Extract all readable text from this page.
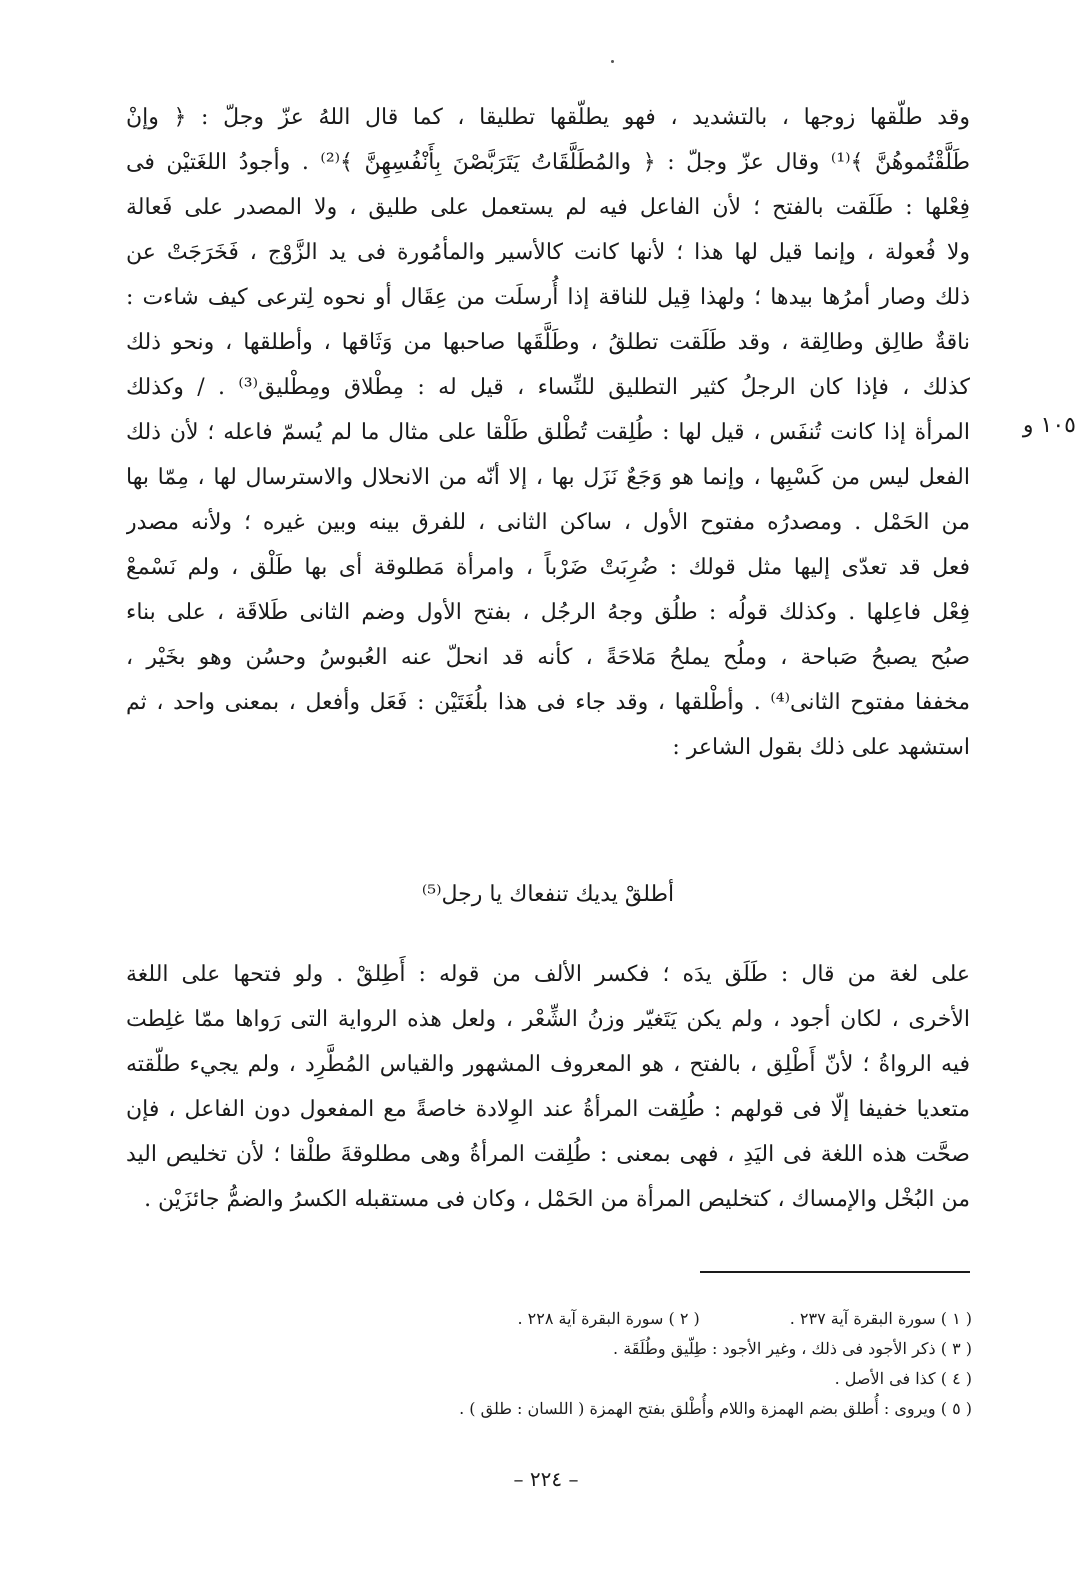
١٠٥ و
وقد طلّقها زوجها ، بالتشديد ، فهو يطلّقها تطليقا ، كما قال اللهُ عزّ وجلّ : ﴿ وإنْ
طَلَّقْتُموهُنَّ ﴾⁽¹⁾ وقال عزّ وجلّ : ﴿ والمُطَلَّقَاتُ يَتَرَبَّصْنَ بِأَنْفُسِهِنَّ ﴾⁽²⁾ . وأجودُ اللغَتيْن فى
فِعْلها : طَلَقت بالفتح ؛ لأن الفاعل فيه لم يستعمل على طليق ، ولا المصدر على فَعالة
ولا فُعولة ، وإنما قيل لها هذا ؛ لأنها كانت كالأسير والمأمُورة فى يد الزَّوْج ، فَخَرَجَتْ عن
ذلك وصار أمرُها بيدها ؛ ولهذا قِيل للناقة إذا أُرسلَت من عِقَال أو نحوه لِترعى كيف شاءت :
ناقةٌ طالِق وطالِقة ، وقد طَلَقت تطلقُ ، وطَلَّقَها صاحبها من وَثَاقها ، وأطلقها ، ونحو ذلك
كذلك ، فإذا كان الرجلُ كثير التطليق للنِّساء ، قيل له : مِطْلاق ومِطْليق⁽³⁾ . / وكذلك
المرأة إذا كانت تُنفَس ، قيل لها : طُلِقت تُطْلق طَلْقا على مثال ما لم يُسمّ فاعله ؛ لأن ذلك
الفعل ليس من كَسْبِها ، وإنما هو وَجَعٌ نَزَل بها ، إلا أنّه من الانحلال والاسترسال لها ، مِمّا بها
من الحَمْل . ومصدرُه مفتوح الأول ، ساكن الثانى ، للفرق بينه وبين غيره ؛ ولأنه مصدر
فعل قد تعدّى إليها مثل قولك : ضُرِبَتْ ضَرْباً ، وامرأة مَطلوقة أى بها طَلْق ، ولم نَسْمعْ
فِعْل فاعِلها . وكذلك قولُه : طلُق وجهُ الرجُل ، بفتح الأول وضم الثانى طَلاقَة ، على بناء
صبُح يصبحُ صَباحة ، وملُح يملحُ مَلاحَةً ، كأنه قد انحلّ عنه العُبوسُ وحسُن وهو بخَيْر ،
مخففا مفتوح الثانى⁽⁴⁾ . وأطْلقها ، وقد جاء فى هذا بلُغَتَيْن : فَعَل وأفعل ، بمعنى واحد ، ثم
استشهد على ذلك بقول الشاعر :
أطلقْ يديك تنفعاك يا رجل⁽⁵⁾
على لغة من قال : طَلَق يدَه ؛ فكسر الألف من قوله : أَطِلقْ . ولو فتحها على اللغة
الأخرى ، لكان أجود ، ولم يكن يَتَغيّر وزنُ الشِّعْر ، ولعل هذه الرواية التى رَواها ممّا غلِطت
فيه الرواةُ ؛ لأنّ أَطْلِق ، بالفتح ، هو المعروف المشهور والقياس المُطَّرِد ، ولم يجيء طلّقته
متعديا خفيفا إلّا فى قولهم : طُلِقت المرأةُ عند الوِلادة خاصةً مع المفعول دون الفاعل ، فإن
صحَّت هذه اللغة فى اليَدِ ، فهى بمعنى : طُلِقت المرأةُ وهى مطلوقةَ طلْقا ؛ لأن تخليص اليد
من البُخْل والإمساك ، كتخليص المرأة من الحَمْل ، وكان فى مستقبله الكسرُ والضمُّ جائزَيْن .
( ١ ) سورة البقرة آية ٢٣٧ .
( ٢ ) سورة البقرة آية ٢٢٨ .
( ٣ ) ذكر الأجود فى ذلك ، وغير الأجود : طِلّيق وطُلَقَة .
( ٤ ) كذا فى الأصل .
( ٥ ) ويروى : أُطلق بضم الهمزة واللام وأُطْلق بفتح الهمزة ( اللسان : طلق ) .
– ٢٢٤ –
